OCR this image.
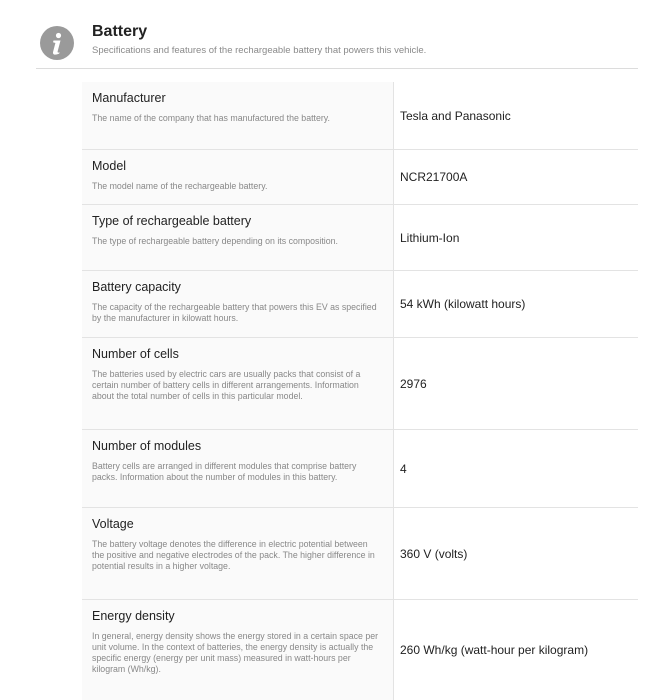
Battery

Specifications and features of the rechargeable battery that powers this vehicle.

Manufacturer
The name of the company that has manufactured the battery.	Tesla and Panasonic
Model
The model name of the rechargeable battery.
NCR21700A
Type of rechargeable battery
The type of rechargeable battery depending on its composition.	Lithium-Ion
Battery capacity
The capacity of the rechargeable battery that powers this EV as specified by the manufacturer in kilowatt hours.
54 kWh (kilowatt hours)
Number of cells
The batteries used by electric cars are usually packs that consist of a certain number of battery cells in different arrangements. Information about the total number of cells in this particular model.
2976
Number of modules
Battery cells are arranged in different modules that comprise battery packs. Information about the number of modules in this battery.
4
Voltage
The battery voltage denotes the difference in electric potential between the positive and negative electrodes of the pack. The higher difference in potential results in a higher voltage.
360 V (volts)
Energy density
In general, energy density shows the energy stored in a certain space per unit volume. In the context of batteries, the energy density is actually the specific energy (energy per unit mass) measured in watt-hours per kilogram (Wh/kg).
260 Wh/kg (watt-hour per kilogram)
